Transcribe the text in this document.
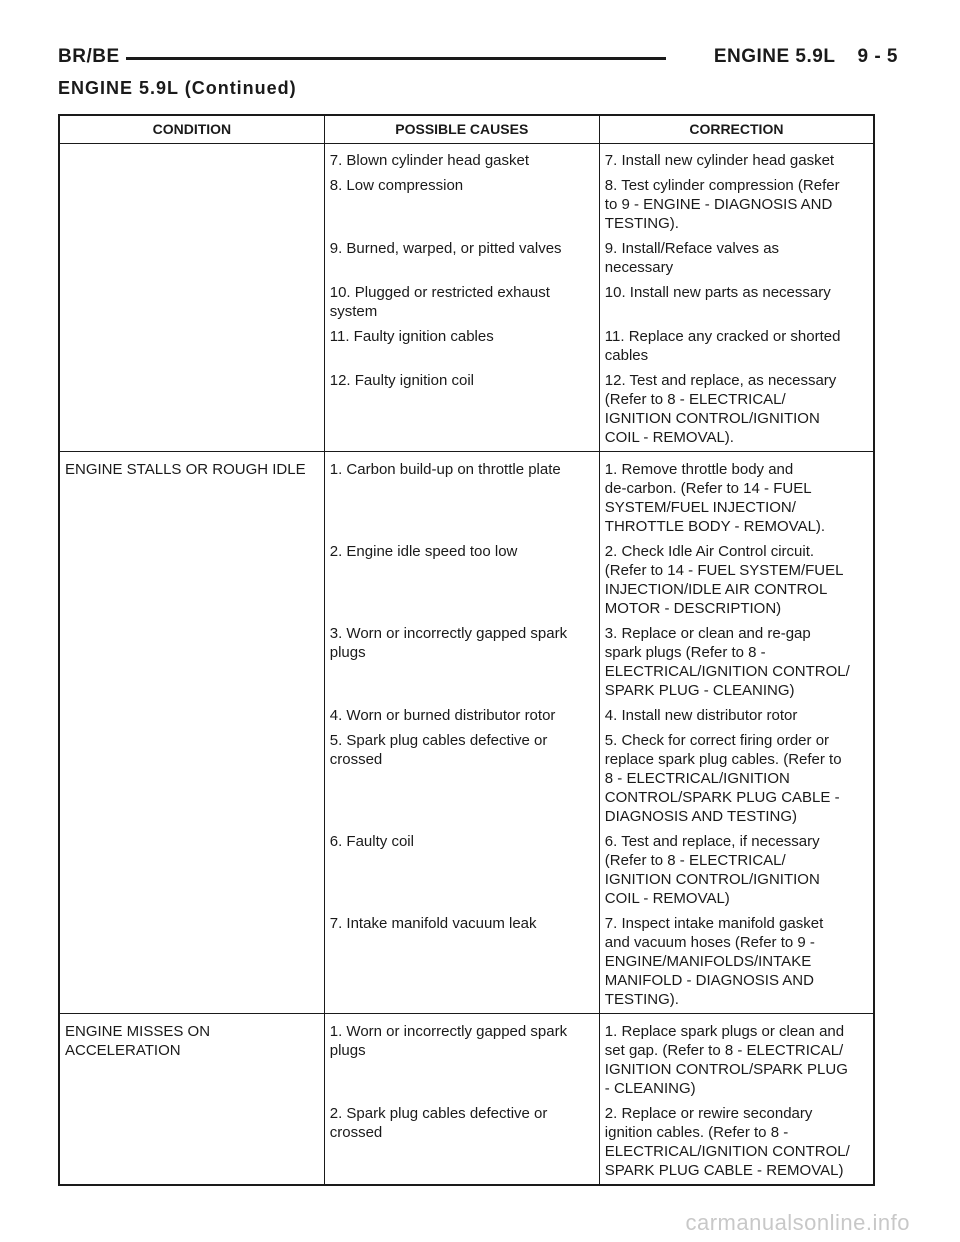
BR/BE	ENGINE 5.9L 9 - 5
ENGINE 5.9L (Continued)
CONDITION	POSSIBLE CAUSES	CORRECTION
	7. Blown cylinder head gasket	7. Install new cylinder head gasket
	8. Low compression	8. Test cylinder compression (Refer
to 9 - ENGINE - DIAGNOSIS AND
TESTING).
	9. Burned, warped, or pitted valves	9. Install/Reface valves as
necessary
	10. Plugged or restricted exhaust
system	10. Install new parts as necessary
	11. Faulty ignition cables	11. Replace any cracked or shorted
cables
	12. Faulty ignition coil	12. Test and replace, as necessary
(Refer to 8 - ELECTRICAL/
IGNITION CONTROL/IGNITION
COIL - REMOVAL).
ENGINE STALLS OR ROUGH IDLE	1. Carbon build-up on throttle plate	1. Remove throttle body and
de-carbon. (Refer to 14 - FUEL
SYSTEM/FUEL INJECTION/
THROTTLE BODY - REMOVAL).
	2. Engine idle speed too low	2. Check Idle Air Control circuit.
(Refer to 14 - FUEL SYSTEM/FUEL
INJECTION/IDLE AIR CONTROL
MOTOR - DESCRIPTION)
	3. Worn or incorrectly gapped spark
plugs	3. Replace or clean and re-gap
spark plugs (Refer to 8 -
ELECTRICAL/IGNITION CONTROL/
SPARK PLUG - CLEANING)
	4. Worn or burned distributor rotor	4. Install new distributor rotor
	5. Spark plug cables defective or
crossed	5. Check for correct firing order or
replace spark plug cables. (Refer to
8 - ELECTRICAL/IGNITION
CONTROL/SPARK PLUG CABLE -
DIAGNOSIS AND TESTING)
	6. Faulty coil	6. Test and replace, if necessary
(Refer to 8 - ELECTRICAL/
IGNITION CONTROL/IGNITION
COIL - REMOVAL)
	7. Intake manifold vacuum leak	7. Inspect intake manifold gasket
and vacuum hoses (Refer to 9 -
ENGINE/MANIFOLDS/INTAKE
MANIFOLD - DIAGNOSIS AND
TESTING).
ENGINE MISSES ON
ACCELERATION	1. Worn or incorrectly gapped spark
plugs	1. Replace spark plugs or clean and
set gap. (Refer to 8 - ELECTRICAL/
IGNITION CONTROL/SPARK PLUG
- CLEANING)
	2. Spark plug cables defective or
crossed	2. Replace or rewire secondary
ignition cables. (Refer to 8 -
ELECTRICAL/IGNITION CONTROL/
SPARK PLUG CABLE - REMOVAL)
carmanualsonline.info
